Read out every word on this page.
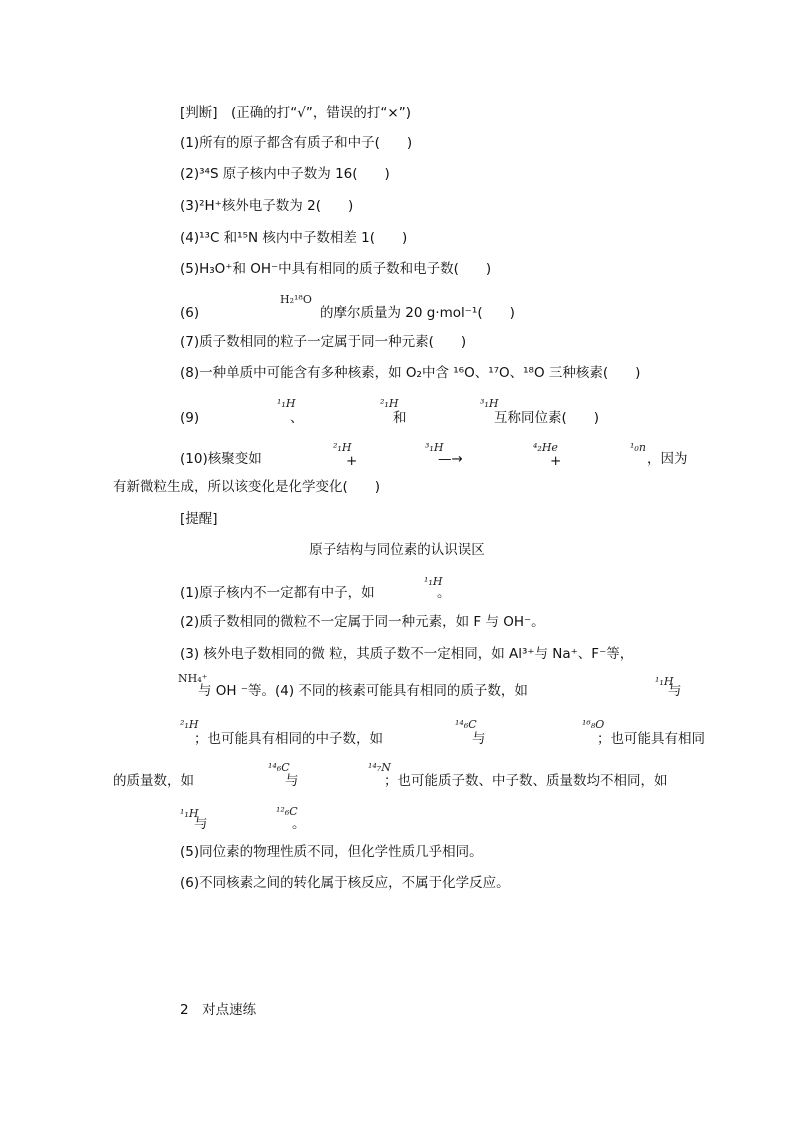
[判断]　(正确的打“√”，错误的打“×”)
(1)所有的原子都含有质子和中子(　　)
(2)³⁴S 原子核内中子数为 16(　　)
(3)²H⁺核外电子数为 2(　　)
(4)¹³C 和¹⁵N 核内中子数相差 1(　　)
(5)H₃O⁺和 OH⁻中具有相同的质子数和电子数(　　)
(6)
H₂¹⁸O
的摩尔质量为 20 g·mol⁻¹(　　)
(7)质子数相同的粒子一定属于同一种元素(　　)
(8)一种单质中可能含有多种核素，如 O₂中含 ¹⁶O、¹⁷O、¹⁸O 三种核素(　　)
(9)
¹₁H
、
²₁H
和
³₁H
互称同位素(　　)
(10)核聚变如
²₁H
+
³₁H
—→
⁴₂He
+
¹₀n
，因为
有新微粒生成，所以该变化是化学变化(　　)
[提醒]
原子结构与同位素的认识误区
(1)原子核内不一定都有中子，如
¹₁H
。
(2)质子数相同的微粒不一定属于同一种元素，如 F 与 OH⁻。
(3) 核外电子数相同的微 粒，其质子数不一定相同，如 Al³⁺与 Na⁺、F⁻等，
NH₄⁺
与 OH ⁻等。(4) 不同的核素可能具有相同的质子数，如
¹₁H
与
²₁H
；也可能具有相同的中子数，如
¹⁴₆C
与
¹⁶₈O
；也可能具有相同
的质量数，如
¹⁴₆C
与
¹⁴₇N
；也可能质子数、中子数、质量数均不相同，如
¹₁H
与
¹²₆C
。
(5)同位素的物理性质不同，但化学性质几乎相同。
(6)不同核素之间的转化属于核反应，不属于化学反应。
2　对点速练
